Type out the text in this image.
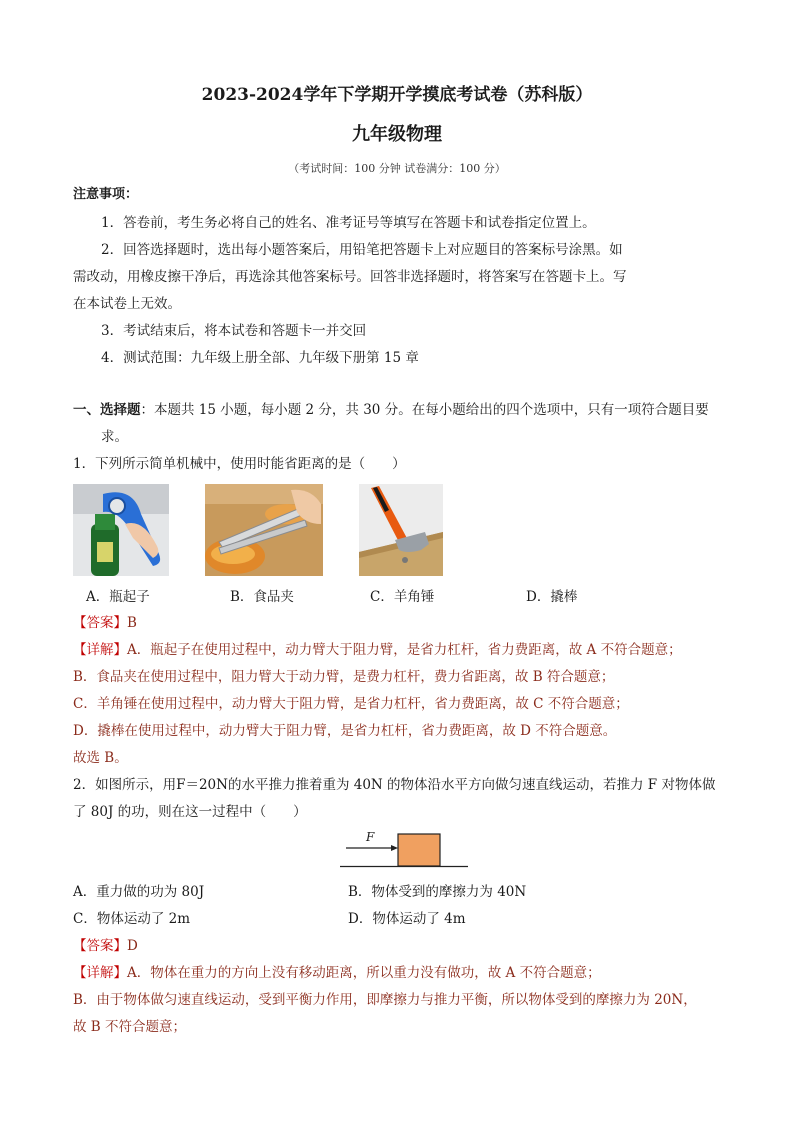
2023-2024学年下学期开学摸底考试卷（苏科版）
九年级物理
（考试时间：100 分钟 试卷满分：100 分）
注意事项：
1．答卷前，考生务必将自己的姓名、准考证号等填写在答题卡和试卷指定位置上。
2．回答选择题时，选出每小题答案后，用铅笔把答题卡上对应题目的答案标号涂黑。如
需改动，用橡皮擦干净后，再选涂其他答案标号。回答非选择题时，将答案写在答题卡上。写
在本试卷上无效。
3．考试结束后，将本试卷和答题卡一并交回
4．测试范围：九年级上册全部、九年级下册第 15 章
一、选择题：本题共 15 小题，每小题 2 分，共 30 分。在每小题给出的四个选项中，只有一项符合题目要
求。
1．下列所示简单机械中，使用时能省距离的是（　　）
A．瓶起子	B．食品夹	C．羊角锤	D．撬棒
【答案】B
【详解】A．瓶起子在使用过程中，动力臂大于阻力臂，是省力杠杆，省力费距离，故 A 不符合题意；
B．食品夹在使用过程中，阻力臂大于动力臂，是费力杠杆，费力省距离，故 B 符合题意；
C．羊角锤在使用过程中，动力臂大于阻力臂，是省力杠杆，省力费距离，故 C 不符合题意；
D．撬棒在使用过程中，动力臂大于阻力臂，是省力杠杆，省力费距离，故 D 不符合题意。
故选 B。
2．如图所示，用F＝20N的水平推力推着重为 40N 的物体沿水平方向做匀速直线运动，若推力 F 对物体做
了 80J 的功，则在这一过程中（　　）
F
A．重力做的功为 80J	B．物体受到的摩擦力为 40N
C．物体运动了 2m	D．物体运动了 4m
【答案】D
【详解】A．物体在重力的方向上没有移动距离，所以重力没有做功，故 A 不符合题意；
B．由于物体做匀速直线运动，受到平衡力作用，即摩擦力与推力平衡，所以物体受到的摩擦力为 20N，
故 B 不符合题意；
